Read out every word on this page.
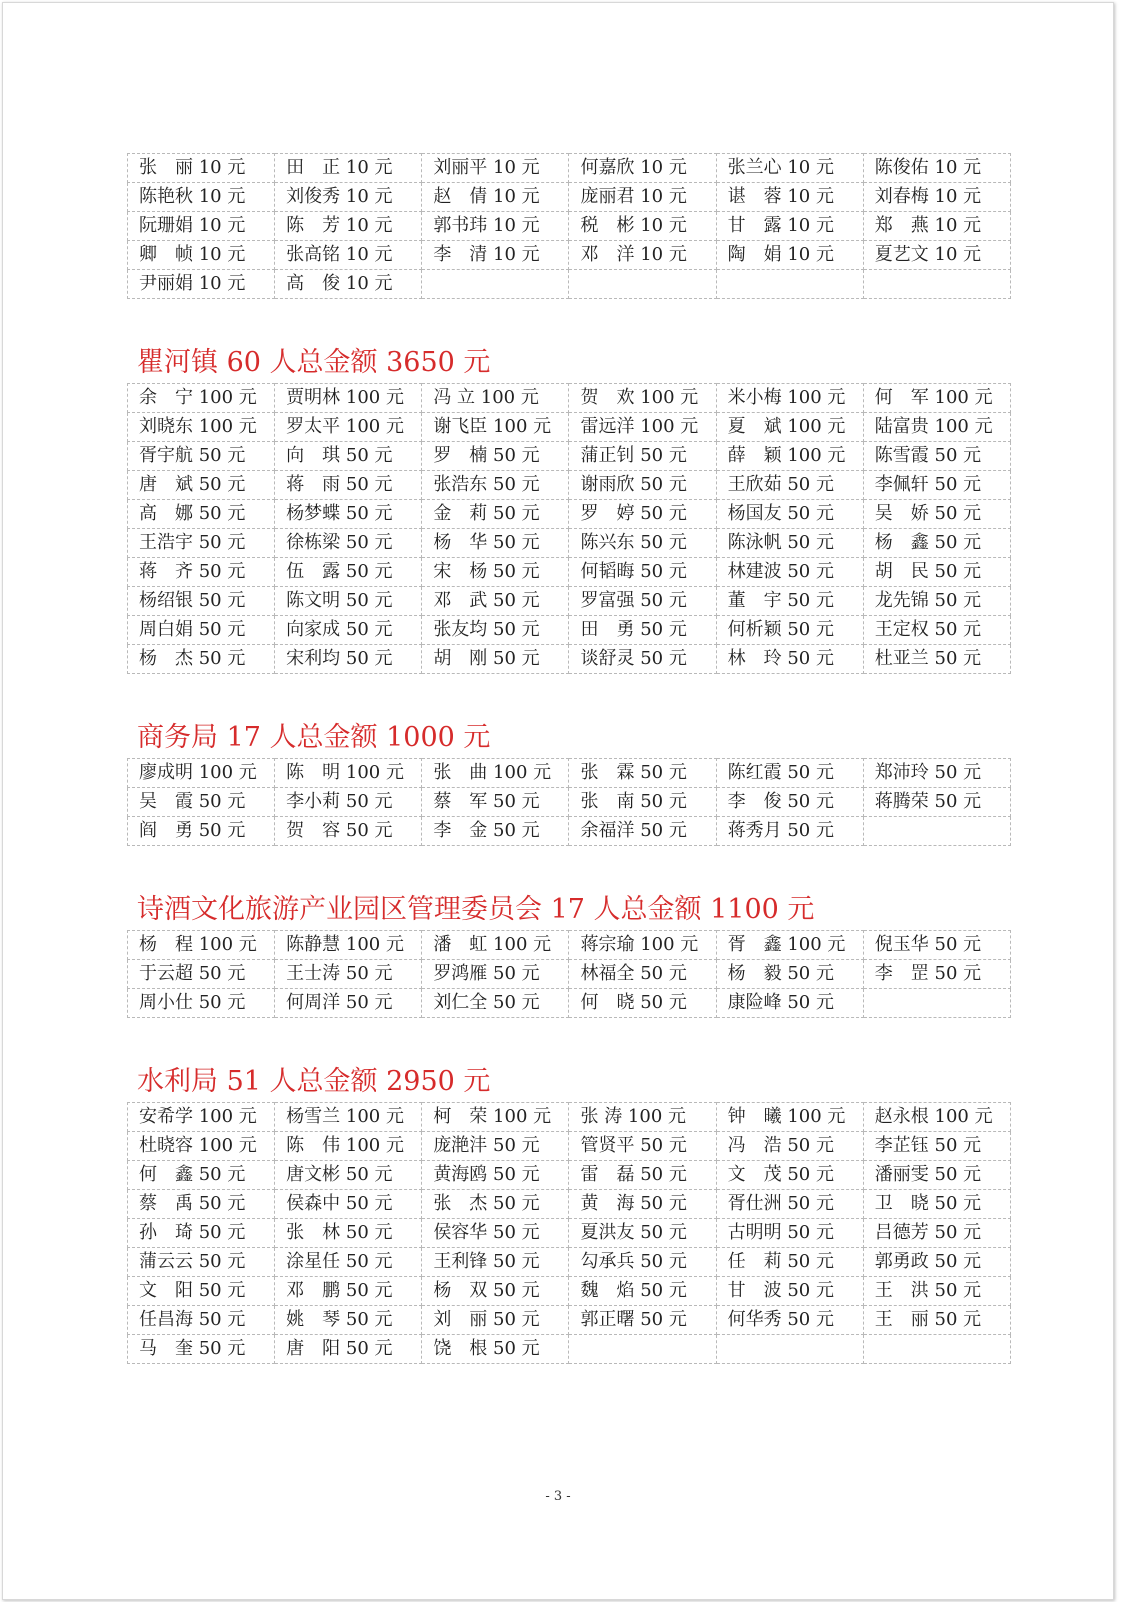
张　丽 10 元	田　正 10 元	刘丽平 10 元	何嘉欣 10 元	张兰心 10 元	陈俊佑 10 元
陈艳秋 10 元	刘俊秀 10 元	赵　倩 10 元	庞丽君 10 元	谌　蓉 10 元	刘春梅 10 元
阮珊娟 10 元	陈　芳 10 元	郭书玮 10 元	税　彬 10 元	甘　露 10 元	郑　燕 10 元
卿　帧 10 元	张高铭 10 元	李　清 10 元	邓　洋 10 元	陶　娟 10 元	夏艺文 10 元
尹丽娟 10 元	高　俊 10 元				
瞿河镇 60 人总金额 3650 元
余　宁 100 元	贾明林 100 元	冯 立 100 元	贺　欢 100 元	米小梅 100 元	何　军 100 元
刘晓东 100 元	罗太平 100 元	谢飞臣 100 元	雷远洋 100 元	夏　斌 100 元	陆富贵 100 元
胥宇航 50 元	向　琪 50 元	罗　楠 50 元	蒲正钊 50 元	薛　颖 100 元	陈雪霞 50 元
唐　斌 50 元	蒋　雨 50 元	张浩东 50 元	谢雨欣 50 元	王欣茹 50 元	李佩轩 50 元
高　娜 50 元	杨梦蝶 50 元	金　莉 50 元	罗　婷 50 元	杨国友 50 元	吴　娇 50 元
王浩宇 50 元	徐栋梁 50 元	杨　华 50 元	陈兴东 50 元	陈泳帆 50 元	杨　鑫 50 元
蒋　齐 50 元	伍　露 50 元	宋　杨 50 元	何韬晦 50 元	林建波 50 元	胡　民 50 元
杨绍银 50 元	陈文明 50 元	邓　武 50 元	罗富强 50 元	董　宇 50 元	龙先锦 50 元
周白娟 50 元	向家成 50 元	张友均 50 元	田　勇 50 元	何析颖 50 元	王定权 50 元
杨　杰 50 元	宋利均 50 元	胡　刚 50 元	谈舒灵 50 元	林　玲 50 元	杜亚兰 50 元
商务局 17 人总金额 1000 元
廖成明 100 元	陈　明 100 元	张　曲 100 元	张　霖 50 元	陈红霞 50 元	郑沛玲 50 元
吴　霞 50 元	李小莉 50 元	蔡　军 50 元	张　南 50 元	李　俊 50 元	蒋腾荣 50 元
阎　勇 50 元	贺　容 50 元	李　金 50 元	余福洋 50 元	蒋秀月 50 元	
诗酒文化旅游产业园区管理委员会 17 人总金额 1100 元
杨　程 100 元	陈静慧 100 元	潘　虹 100 元	蒋宗瑜 100 元	胥　鑫 100 元	倪玉华 50 元
于云超 50 元	王士涛 50 元	罗鸿雁 50 元	林福全 50 元	杨　毅 50 元	李　罡 50 元
周小仕 50 元	何周洋 50 元	刘仁全 50 元	何　晓 50 元	康险峰 50 元	
水利局 51 人总金额 2950 元
安希学 100 元	杨雪兰 100 元	柯　荣 100 元	张 涛 100 元	钟　曦 100 元	赵永根 100 元
杜晓容 100 元	陈　伟 100 元	庞滟沣 50 元	管贤平 50 元	冯　浩 50 元	李芷钰 50 元
何　鑫 50 元	唐文彬 50 元	黄海鸥 50 元	雷　磊 50 元	文　茂 50 元	潘丽雯 50 元
蔡　禹 50 元	侯森中 50 元	张　杰 50 元	黄　海 50 元	胥仕洲 50 元	卫　晓 50 元
孙　琦 50 元	张　林 50 元	侯容华 50 元	夏洪友 50 元	古明明 50 元	吕德芳 50 元
蒲云云 50 元	涂星任 50 元	王利锋 50 元	勾承兵 50 元	任　莉 50 元	郭勇政 50 元
文　阳 50 元	邓　鹏 50 元	杨　双 50 元	魏　焰 50 元	甘　波 50 元	王　洪 50 元
任昌海 50 元	姚　琴 50 元	刘　丽 50 元	郭正曙 50 元	何华秀 50 元	王　丽 50 元
马　奎 50 元	唐　阳 50 元	饶　根 50 元			
- 3 -
